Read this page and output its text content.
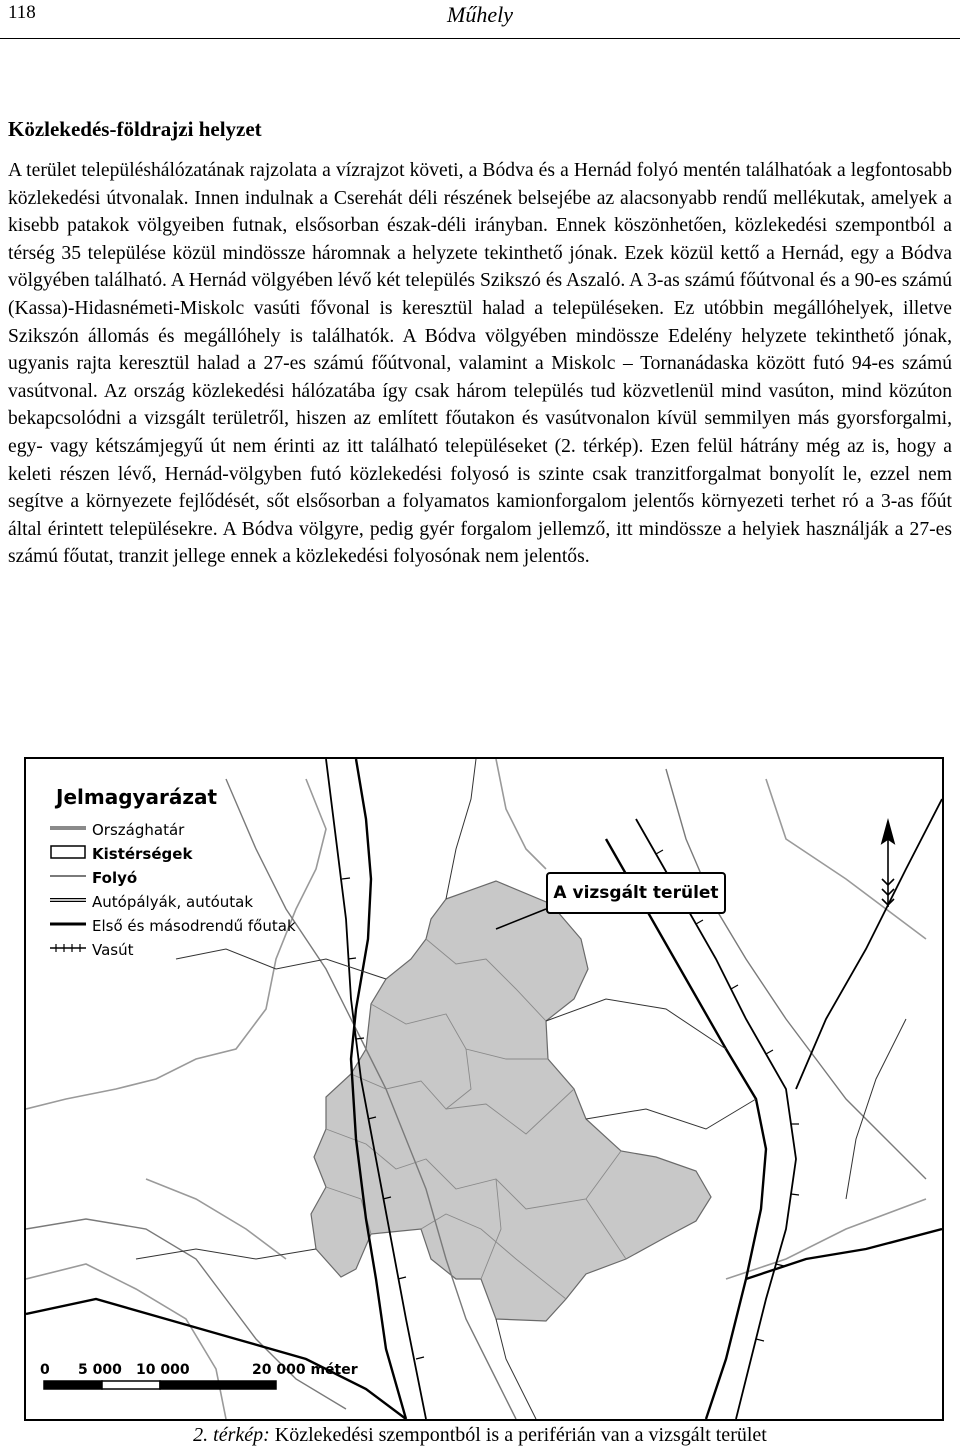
118	Műhely
Közlekedés-földrajzi helyzet

A terület településhálózatának rajzolata a vízrajzot követi, a Bódva és a Hernád folyó mentén találhatóak a legfontosabb közlekedési útvonalak. Innen indulnak a Cserehát déli részének belsejébe az alacsonyabb rendű mellékutak, amelyek a kisebb patakok völgyeiben futnak, elsősorban észak-déli irányban. Ennek köszönhetően, közlekedési szempontból a térség 35 települése közül mindössze háromnak a helyzete tekinthető jónak. Ezek közül kettő a Hernád, egy a Bódva völgyében található. A Hernád völgyében lévő két település Szikszó és Aszaló. A 3-as számú főútvonal és a 90-es számú (Kassa)-Hidasnémeti-Miskolc vasúti fővonal is keresztül halad a településeken. Ez utóbbin megállóhelyek, illetve Szikszón állomás és megállóhely is találhatók. A Bódva völgyében mindössze Edelény helyzete tekinthető jónak, ugyanis rajta keresztül halad a 27-es számú főútvonal, valamint a Miskolc – Tornanádaska között futó 94-es számú vasútvonal. Az ország közlekedési hálózatába így csak három település tud közvetlenül mind vasúton, mind közúton bekapcsolódni a vizsgált területről, hiszen az említett főutakon és vasútvonalon kívül semmilyen más gyorsforgalmi, egy- vagy kétszámjegyű út nem érinti az itt található településeket (2. térkép). Ezen felül hátrány még az is, hogy a keleti részen lévő, Hernád-völgyben futó közlekedési folyosó is szinte csak tranzitforgalmat bonyolít le, ezzel nem segítve a környezete fejlődését, sőt elsősorban a folyamatos kamionforgalom jelentős környezeti terhet ró a 3-as főút által érintett településekre. A Bódva völgyre, pedig gyér forgalom jellemző, itt mindössze a helyiek használják a 27-es számú főutat, tranzit jellege ennek a közlekedési folyosónak nem jelentős.

Jelmagyarázat
Országhatár
Kistérségek
Folyó
Autópályák, autóutak
Első és másodrendű főutak
Vasút
A vizsgált terület
0 5 000 10 000	20 000 méter
2. térkép: Közlekedési szempontból is a periférián van a vizsgált terület
